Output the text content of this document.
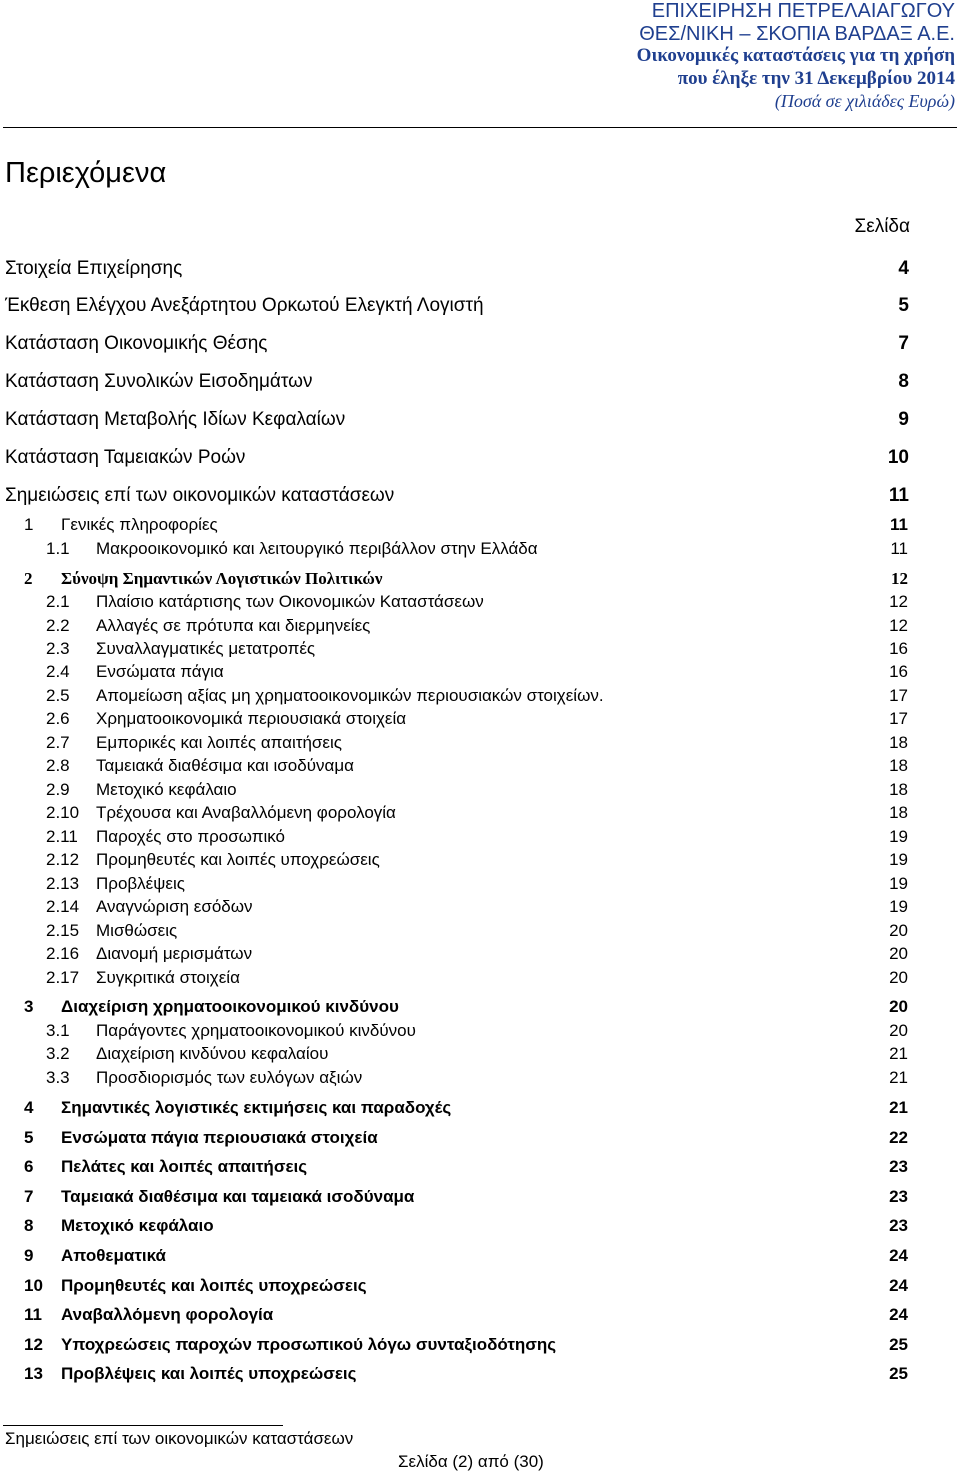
ΕΠΙΧΕΙΡΗΣΗ ΠΕΤΡΕΛΑΙΑΓΩΓΟΥ
ΘΕΣ/ΝΙΚΗ – ΣΚΟΠΙΑ ΒΑΡΔΑΞ Α.Ε.
Οικονομικές καταστάσεις για τη χρήση
που έληξε την 31 Δεκεμβρίου 2014
(Ποσά σε χιλιάδες Ευρώ)
Περιεχόμενα
Σελίδα
Στοιχεία Επιχείρησης	4
Έκθεση Ελέγχου Ανεξάρτητου Ορκωτού Ελεγκτή Λογιστή	5
Κατάσταση Οικονομικής Θέσης	7
Κατάσταση Συνολικών Εισοδημάτων	8
Κατάσταση Μεταβολής Ιδίων Κεφαλαίων	9
Κατάσταση Ταμειακών Ροών	10
Σημειώσεις επί των οικονομικών καταστάσεων	11
1 Γενικές πληροφορίες	11
1.1 Μακροοικονομικό και λειτουργικό περιβάλλον στην Ελλάδα	11
2 Σύνοψη Σημαντικών Λογιστικών Πολιτικών	12
2.1 Πλαίσιο κατάρτισης των Οικονομικών Καταστάσεων	12
2.2 Αλλαγές σε πρότυπα και διερμηνείες	12
2.3 Συναλλαγματικές μετατροπές	16
2.4 Ενσώματα πάγια	16
2.5 Απομείωση αξίας μη χρηματοοικονομικών περιουσιακών στοιχείων.	17
2.6 Χρηματοοικονομικά περιουσιακά στοιχεία	17
2.7 Εμπορικές και λοιπές απαιτήσεις	18
2.8 Ταμειακά διαθέσιμα και ισοδύναμα	18
2.9 Μετοχικό κεφάλαιο	18
2.10 Τρέχουσα και Αναβαλλόμενη φορολογία	18
2.11 Παροχές στο προσωπικό	19
2.12 Προμηθευτές και λοιπές υποχρεώσεις	19
2.13 Προβλέψεις	19
2.14 Αναγνώριση εσόδων	19
2.15 Μισθώσεις	20
2.16 Διανομή μερισμάτων	20
2.17 Συγκριτικά στοιχεία	20
3 Διαχείριση χρηματοοικονομικού κινδύνου	20
3.1 Παράγοντες χρηματοοικονομικού κινδύνου	20
3.2 Διαχείριση κινδύνου κεφαλαίου	21
3.3 Προσδιορισμός των ευλόγων αξιών	21
4 Σημαντικές λογιστικές εκτιμήσεις και παραδοχές	21
5 Ενσώματα πάγια περιουσιακά στοιχεία	22
6 Πελάτες και λοιπές απαιτήσεις	23
7 Ταμειακά διαθέσιμα και ταμειακά ισοδύναμα	23
8 Μετοχικό κεφάλαιο	23
9 Αποθεματικά	24
10 Προμηθευτές και λοιπές υποχρεώσεις	24
11 Αναβαλλόμενη φορολογία	24
12 Υποχρεώσεις παροχών προσωπικού λόγω συνταξιοδότησης	25
13 Προβλέψεις και λοιπές υποχρεώσεις	25
Σημειώσεις επί των οικονομικών καταστάσεων
Σελίδα (2) από (30)
